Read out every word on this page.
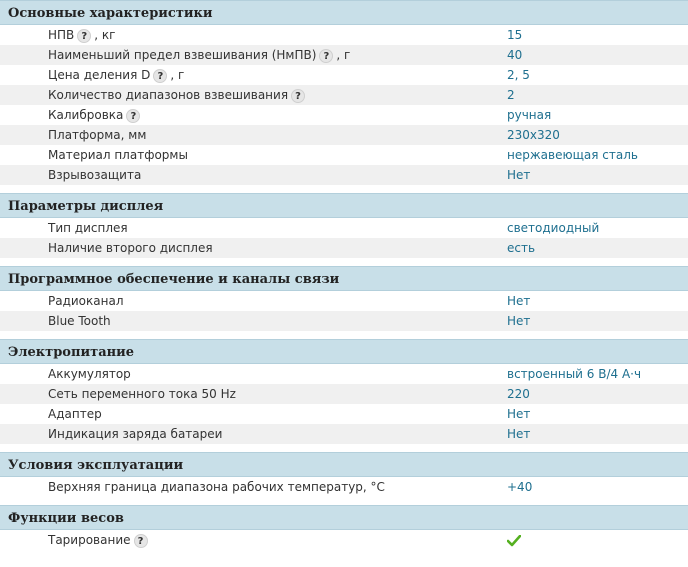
Основные характеристики
НПВ ? , кг	15
Наименьший предел взвешивания (НмПВ) ? , г	40
Цена деления D ? , г	2, 5
Количество диапазонов взвешивания ?	2
Калибровка ?	ручная
Платформа, мм	230x320
Материал платформы	нержавеющая сталь
Взрывозащита	Нет
Параметры дисплея
Тип дисплея	светодиодный
Наличие второго дисплея	есть
Программное обеспечение и каналы связи
Радиоканал	Нет
Blue Tooth	Нет
Электропитание
Аккумулятор	встроенный 6 В/4 А·ч
Сеть переменного тока 50 Hz	220
Адаптер	Нет
Индикация заряда батареи	Нет
Условия эксплуатации
Верхняя граница диапазона рабочих температур, °С	+40
Функции весов
Тарирование ?
